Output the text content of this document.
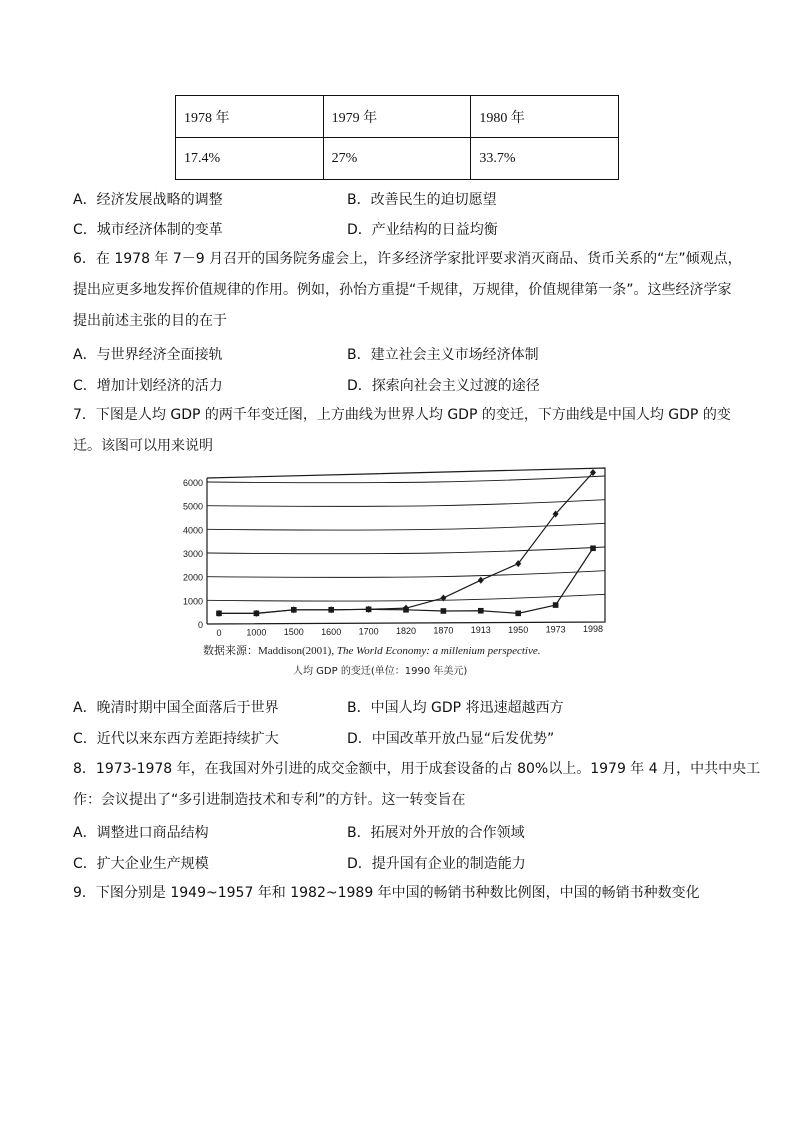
1978 年	1979 年	1980 年
17.4%	27%	33.7%
A．经济发展战略的调整	B．改善民生的迫切愿望
C．城市经济体制的变革	D．产业结构的日益均衡
6．在 1978 年 7－9 月召开的国务院务虚会上，许多经济学家批评要求消灭商品、货币关系的“左”倾观点，
提出应更多地发挥价值规律的作用。例如，孙怡方重提“千规律，万规律，价值规律第一条”。这些经济学家
提出前述主张的目的在于
A．与世界经济全面接轨	B．建立社会主义市场经济体制
C．增加计划经济的活力	D．探索向社会主义过渡的途径
7．下图是人均 GDP 的两千年变迁图，上方曲线为世界人均 GDP 的变迁，下方曲线是中国人均 GDP 的变
迁。该图可以用来说明
0
1000
2000
3000
4000
5000
6000
0	1000 1500 1600 1700 1820 1870 1913 1950 1973 1998
数据来源：Maddison(2001), The World Economy: a millenium perspective.
人均 GDP 的变迁(单位：1990 年美元)
A．晚清时期中国全面落后于世界	B．中国人均 GDP 将迅速超越西方
C．近代以来东西方差距持续扩大	D．中国改革开放凸显“后发优势”
8．1973-1978 年，在我国对外引进的成交金额中，用于成套设备的占 80%以上。1979 年 4 月，中共中央工
作：会议提出了“多引进制造技术和专利”的方针。这一转变旨在
A．调整进口商品结构	B．拓展对外开放的合作领域
C．扩大企业生产规模	D．提升国有企业的制造能力
9．下图分别是 1949~1957 年和 1982~1989 年中国的畅销书种数比例图，中国的畅销书种数变化
